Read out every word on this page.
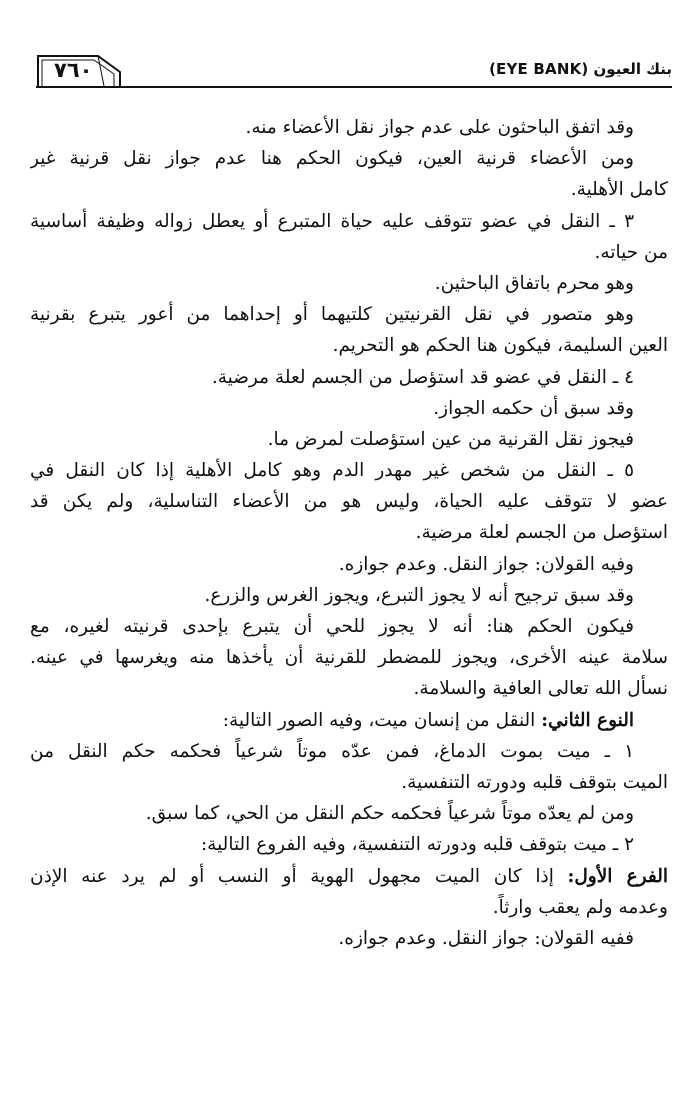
بنك العيون (EYE BANK)
٧٦٠
وقد اتفق الباحثون على عدم جواز نقل الأعضاء منه.
ومن الأعضاء قرنية العين، فيكون الحكم هنا عدم جواز نقل قرنية غير
كامل الأهلية.
٣ ـ النقل في عضو تتوقف عليه حياة المتبرع أو يعطل زواله وظيفة أساسية
من حياته.
وهو محرم باتفاق الباحثين.
وهو متصور في نقل القرنيتين كلتيهما أو إحداهما من أعور يتبرع بقرنية
العين السليمة، فيكون هنا الحكم هو التحريم.
٤ ـ النقل في عضو قد استؤصل من الجسم لعلة مرضية.
وقد سبق أن حكمه الجواز.
فيجوز نقل القرنية من عين استؤصلت لمرض ما.
٥ ـ النقل من شخص غير مهدر الدم وهو كامل الأهلية إذا كان النقل في
عضو لا تتوقف عليه الحياة، وليس هو من الأعضاء التناسلية، ولم يكن قد
استؤصل من الجسم لعلة مرضية.
وفيه القولان: جواز النقل. وعدم جوازه.
وقد سبق ترجيح أنه لا يجوز التبرع، ويجوز الغرس والزرع.
فيكون الحكم هنا: أنه لا يجوز للحي أن يتبرع بإحدى قرنيته لغيره، مع
سلامة عينه الأخرى، ويجوز للمضطر للقرنية أن يأخذها منه ويغرسها في عينه.
نسأل الله تعالى العافية والسلامة.
النوع الثاني: النقل من إنسان ميت، وفيه الصور التالية:
١ ـ ميت بموت الدماغ، فمن عدّه موتاً شرعياً فحكمه حكم النقل من
الميت بتوقف قلبه ودورته التنفسية.
ومن لم يعدّه موتاً شرعياً فحكمه حكم النقل من الحي، كما سبق.
٢ ـ ميت بتوقف قلبه ودورته التنفسية، وفيه الفروع التالية:
الفرع الأول: إذا كان الميت مجهول الهوية أو النسب أو لم يرد عنه الإذن
وعدمه ولم يعقب وارثاً.
ففيه القولان: جواز النقل. وعدم جوازه.
